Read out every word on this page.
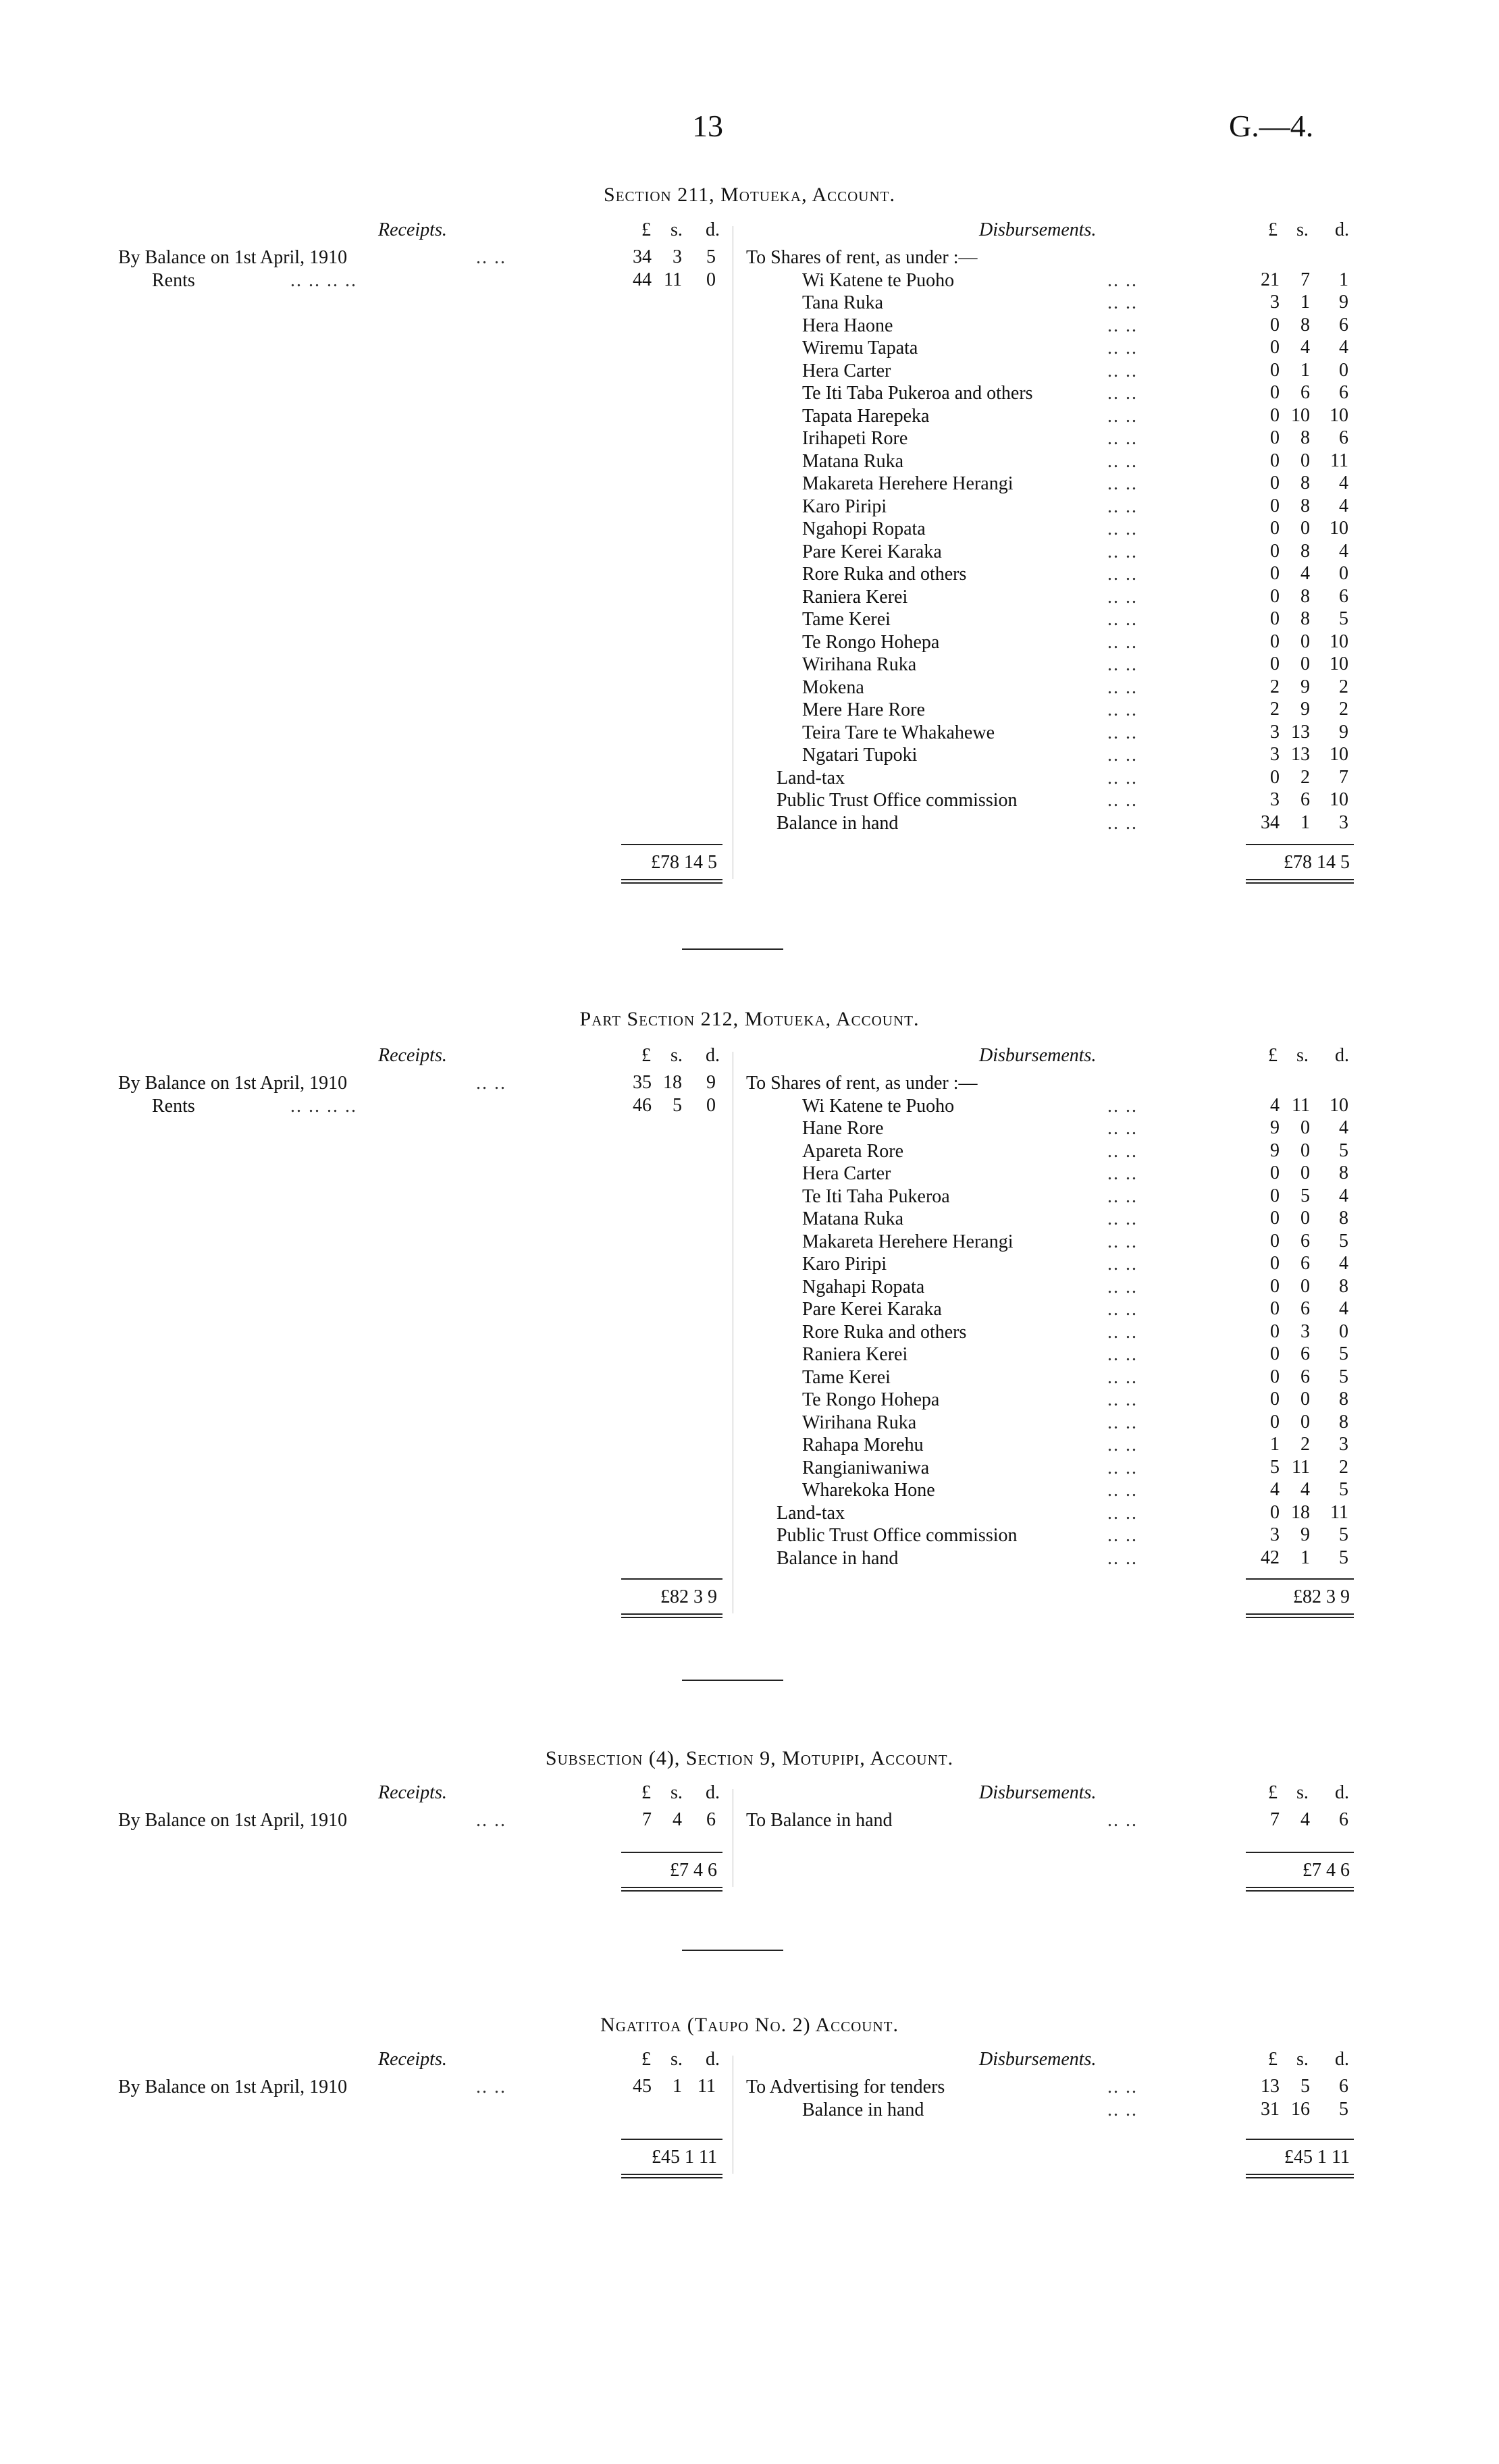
13	G.—4.
Section 211, Motueka, Account.
Receipts.	£ s. d.	Disbursements.	£ s. d.
By Balance on 1st April, 1910	.. ..	34 3 5
Rents	.. .. .. ..	44 11 0
To Shares of rent, as under :—
Wi Katene te Puoho	.. ..	21 7 1
Tana Ruka	.. ..	3 1 9
Hera Haone	.. ..	0 8 6
Wiremu Tapata	.. ..	0 4 4
Hera Carter	.. ..	0 1 0
Te Iti Taba Pukeroa and others	.. ..	0 6 6
Tapata Harepeka	.. ..	0 10 10
Irihapeti Rore	.. ..	0 8 6
Matana Ruka	.. ..	0 0 11
Makareta Herehere Herangi	.. ..	0 8 4
Karo Piripi	.. ..	0 8 4
Ngahopi Ropata	.. ..	0 0 10
Pare Kerei Karaka	.. ..	0 8 4
Rore Ruka and others	.. ..	0 4 0
Raniera Kerei	.. ..	0 8 6
Tame Kerei	.. ..	0 8 5
Te Rongo Hohepa	.. ..	0 0 10
Wirihana Ruka	.. ..	0 0 10
Mokena	.. ..	2 9 2
Mere Hare Rore	.. ..	2 9 2
Teira Tare te Whakahewe	.. ..	3 13 9
Ngatari Tupoki	.. ..	3 13 10
Land-tax	.. ..	0 2 7
Public Trust Office commission	.. ..	3 6 10
Balance in hand	.. ..	34 1 3
£78 14 5	£78 14 5
Part Section 212, Motueka, Account.
Receipts.	£ s. d.	Disbursements.	£ s. d.
By Balance on 1st April, 1910	.. ..	35 18 9
Rents	.. .. .. ..	46 5 0
To Shares of rent, as under :—
Wi Katene te Puoho	.. ..	4 11 10
Hane Rore	.. ..	9 0 4
Apareta Rore	.. ..	9 0 5
Hera Carter	.. ..	0 0 8
Te Iti Taha Pukeroa	.. ..	0 5 4
Matana Ruka	.. ..	0 0 8
Makareta Herehere Herangi	.. ..	0 6 5
Karo Piripi	.. ..	0 6 4
Ngahapi Ropata	.. ..	0 0 8
Pare Kerei Karaka	.. ..	0 6 4
Rore Ruka and others	.. ..	0 3 0
Raniera Kerei	.. ..	0 6 5
Tame Kerei	.. ..	0 6 5
Te Rongo Hohepa	.. ..	0 0 8
Wirihana Ruka	.. ..	0 0 8
Rahapa Morehu	.. ..	1 2 3
Rangianiwaniwa	.. ..	5 11 2
Wharekoka Hone	.. ..	4 4 5
Land-tax	.. ..	0 18 11
Public Trust Office commission	.. ..	3 9 5
Balance in hand	.. ..	42 1 5
£82 3 9	£82 3 9
Subsection (4), Section 9, Motupipi, Account.
Receipts.	£ s. d.	Disbursements.	£ s. d.
By Balance on 1st April, 1910	.. ..	7 4 6 To Balance in hand	.. ..	7 4 6
£7 4 6	£7 4 6
Ngatitoa (Taupo No. 2) Account.
Receipts.	£ s. d.	Disbursements.	£ s. d.
By Balance on 1st April, 1910	.. ..	45 1 11 To Advertising for tenders	.. ..	13 5 6
Balance in hand	.. ..	31 16 5
£45 1 11	£45 1 11
